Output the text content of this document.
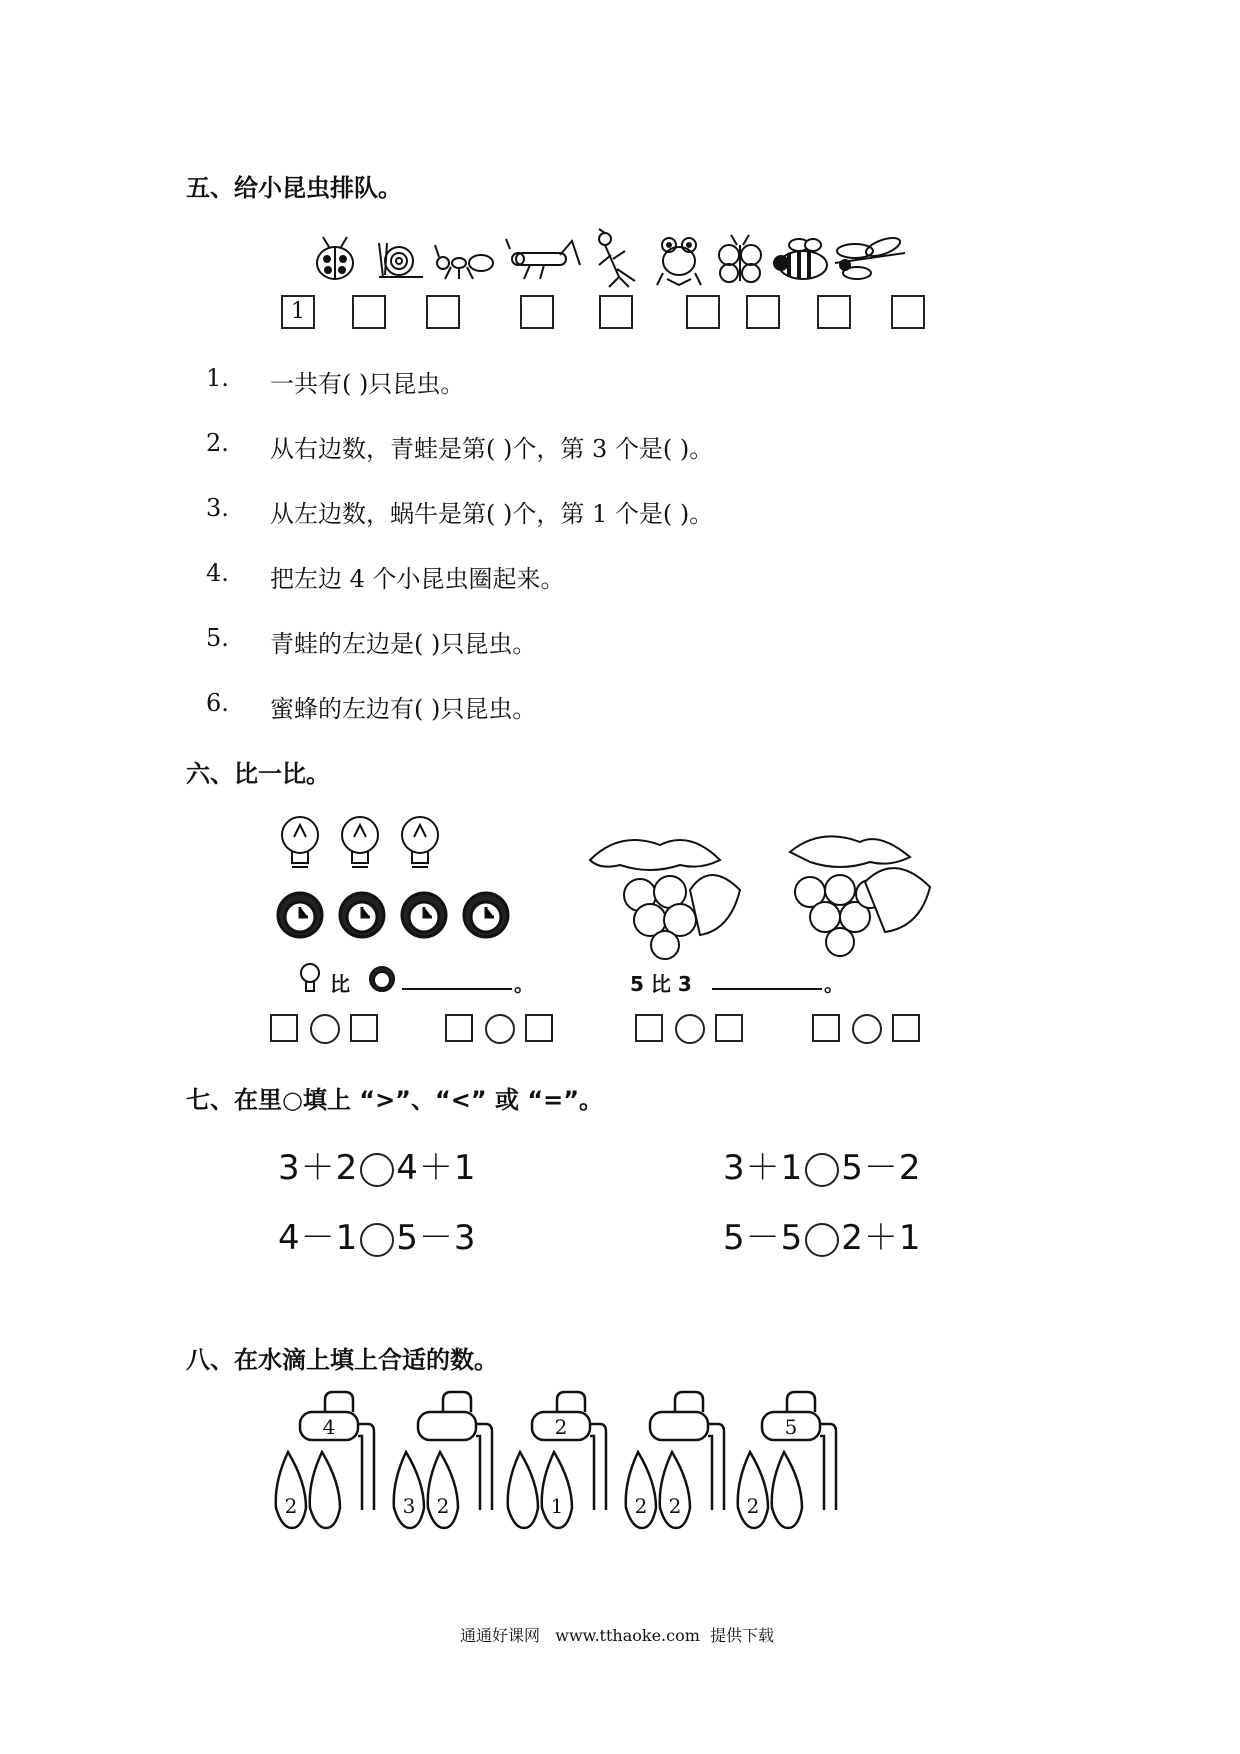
五、给小昆虫排队。
1
1.	一共有( )只昆虫。
2.	从右边数，青蛙是第( )个，第 3 个是( )。
3.	从左边数，蜗牛是第( )个，第 1 个是( )。
4.	把左边 4 个小昆虫圈起来。
5.	青蛙的左边是( )只昆虫。
6.	蜜蜂的左边有( )只昆虫。
六、比一比。
比	。	5 比 3	。
七、在里○填上 “>”、“<” 或 “=”。
3＋2 4＋1	3＋1 5－2
4－1 5－3	5－5 2＋1
八、在水滴上填上合适的数。
4
2	3 2
2
1	2 2
5
2
通通好课网   www.tthaoke.com  提供下载
